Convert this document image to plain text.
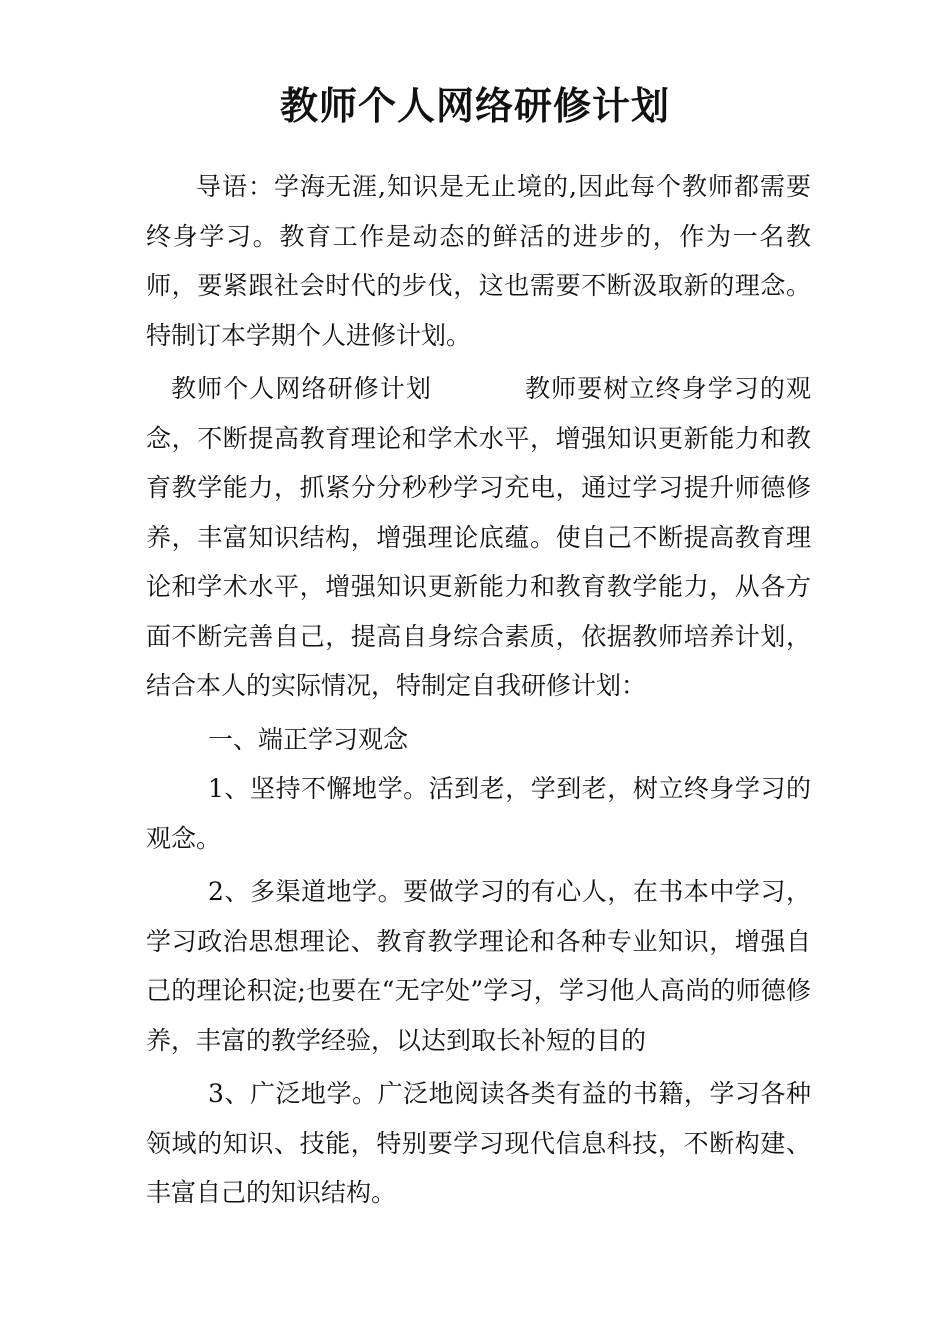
教师个人网络研修计划

导语：学海无涯,知识是无止境的,因此每个教师都需要终身学习。教育工作是动态的鲜活的进步的，作为一名教师，要紧跟社会时代的步伐，这也需要不断汲取新的理念。特制订本学期个人进修计划。

教师个人网络研修计划	教师要树立终身学习的观念，不断提高教育理论和学术水平，增强知识更新能力和教育教学能力，抓紧分分秒秒学习充电，通过学习提升师德修养，丰富知识结构，增强理论底蕴。使自己不断提高教育理论和学术水平，增强知识更新能力和教育教学能力，从各方面不断完善自己，提高自身综合素质，依据教师培养计划，结合本人的实际情况，特制定自我研修计划：

一、端正学习观念

1、坚持不懈地学。活到老，学到老，树立终身学习的观念。

2、多渠道地学。要做学习的有心人，在书本中学习，学习政治思想理论、教育教学理论和各种专业知识，增强自己的理论积淀;也要在“无字处”学习，学习他人高尚的师德修养，丰富的教学经验，以达到取长补短的目的

3、广泛地学。广泛地阅读各类有益的书籍，学习各种领域的知识、技能，特别要学习现代信息科技，不断构建、丰富自己的知识结构。
